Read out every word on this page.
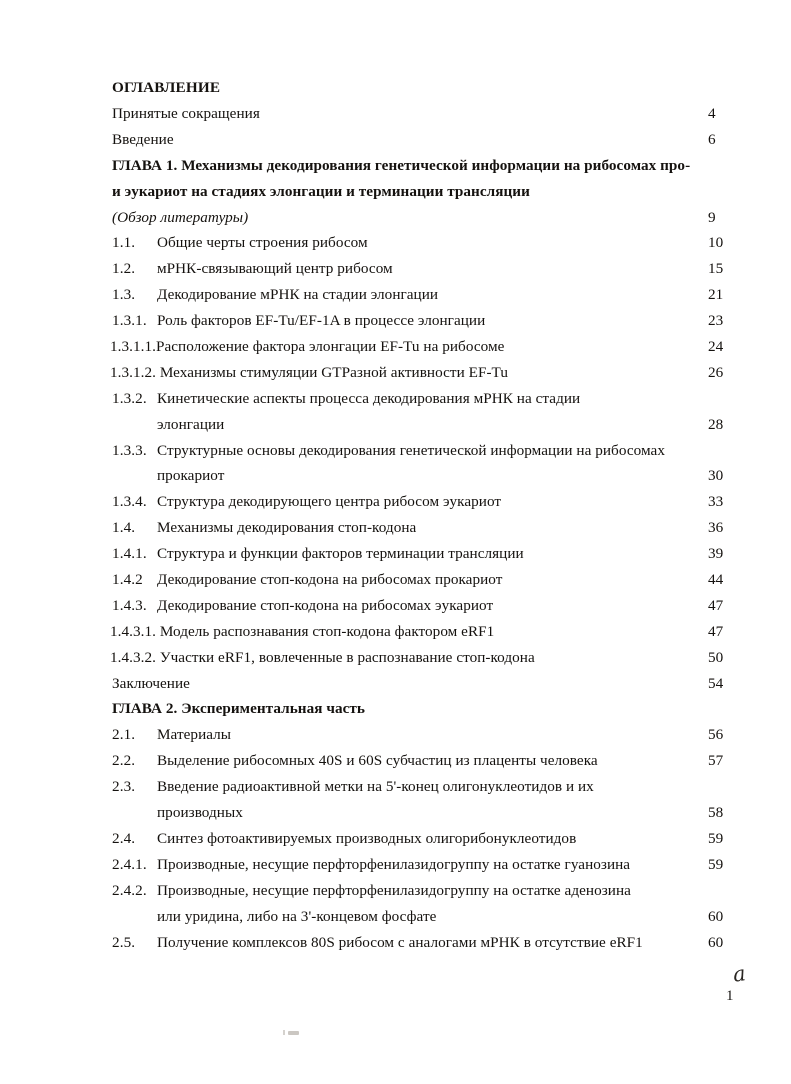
ОГЛАВЛЕНИЕ
Принятые сокращения	4
Введение	6
ГЛАВА 1. Механизмы декодирования генетической информации на рибосомах про-
и эукариот на стадиях элонгации и терминации трансляции
(Обзор литературы)	9
1.1. Общие черты строения рибосом	10
1.2. мРНК-связывающий центр рибосом	15
1.3. Декодирование мРНК на стадии элонгации	21
1.3.1. Роль факторов EF-Tu/EF-1A в процессе элонгации	23
1.3.1.1.Расположение фактора элонгации EF-Tu на рибосоме	24
1.3.1.2. Механизмы стимуляции GTPазной активности EF-Tu	26
1.3.2. Кинетические аспекты процесса декодирования мРНК на стадии
элонгации	28
1.3.3. Структурные основы декодирования генетической информации на рибосомах
прокариот	30
1.3.4. Структура декодирующего центра рибосом эукариот	33
1.4. Механизмы декодирования стоп-кодона	36
1.4.1. Структура и функции факторов терминации трансляции	39
1.4.2 Декодирование стоп-кодона на рибосомах прокариот	44
1.4.3. Декодирование стоп-кодона на рибосомах эукариот	47
1.4.3.1. Модель распознавания стоп-кодона фактором eRF1	47
1.4.3.2. Участки eRF1, вовлеченные в распознавание стоп-кодона	50
Заключение	54
ГЛАВА 2. Экспериментальная часть
2.1. Материалы	56
2.2. Выделение рибосомных 40S и 60S субчастиц из плаценты человека	57
2.3. Введение радиоактивной метки на 5'-конец олигонуклеотидов и их
производных	58
2.4. Синтез фотоактивируемых производных олигорибонуклеотидов	59
2.4.1. Производные, несущие перфторфенилазидогруппу на остатке гуанозина	59
2.4.2. Производные, несущие перфторфенилазидогруппу на остатке аденозина
или уридина, либо на 3'-концевом фосфате	60
2.5. Получение комплексов 80S рибосом с аналогами мРНК в отсутствие eRF1	60
a
1
